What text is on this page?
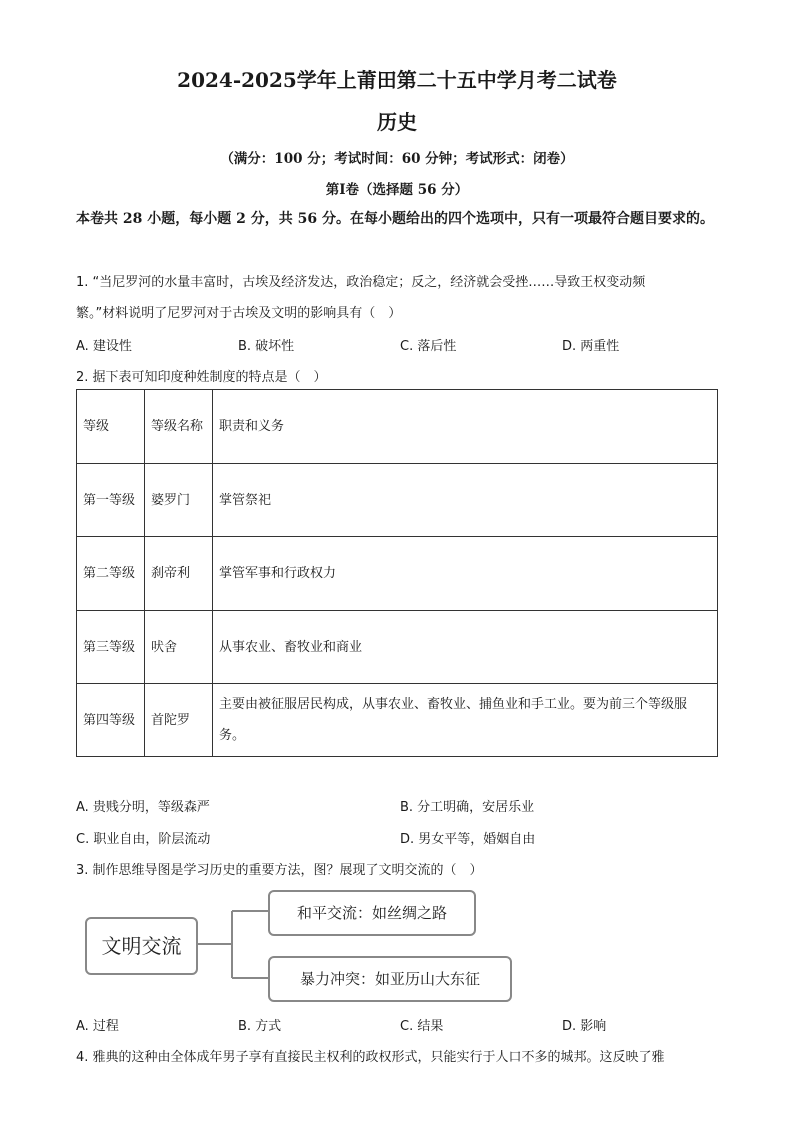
2024-2025学年上莆田第二十五中学月考二试卷
历史
（满分：100 分；考试时间：60 分钟；考试形式：闭卷）
第Ⅰ卷（选择题 56 分）
本卷共 28 小题，每小题 2 分，共 56 分。在每小题给出的四个选项中，只有一项最符合题目要求的。
1. “当尼罗河的水量丰富时，古埃及经济发达，政治稳定；反之，经济就会受挫……导致王权变动频
繁。”材料说明了尼罗河对于古埃及文明的影响具有（　）
A. 建设性	B. 破坏性	C. 落后性	D. 两重性
2. 据下表可知印度种姓制度的特点是（　）
等级	等级名称	职责和义务
第一等级	婆罗门	掌管祭祀
第二等级	刹帝利	掌管军事和行政权力
第三等级	吠舍	从事农业、畜牧业和商业
第四等级	首陀罗	主要由被征服居民构成，从事农业、畜牧业、捕鱼业和手工业。要为前三个等级服务。
A. 贵贱分明，等级森严	B. 分工明确，安居乐业
C. 职业自由，阶层流动	D. 男女平等，婚姻自由
3. 制作思维导图是学习历史的重要方法，图？展现了文明交流的（　）
文明交流
和平交流：如丝绸之路
暴力冲突：如亚历山大东征
A. 过程	B. 方式	C. 结果	D. 影响
4. 雅典的这种由全体成年男子享有直接民主权利的政权形式，只能实行于人口不多的城邦。这反映了雅
